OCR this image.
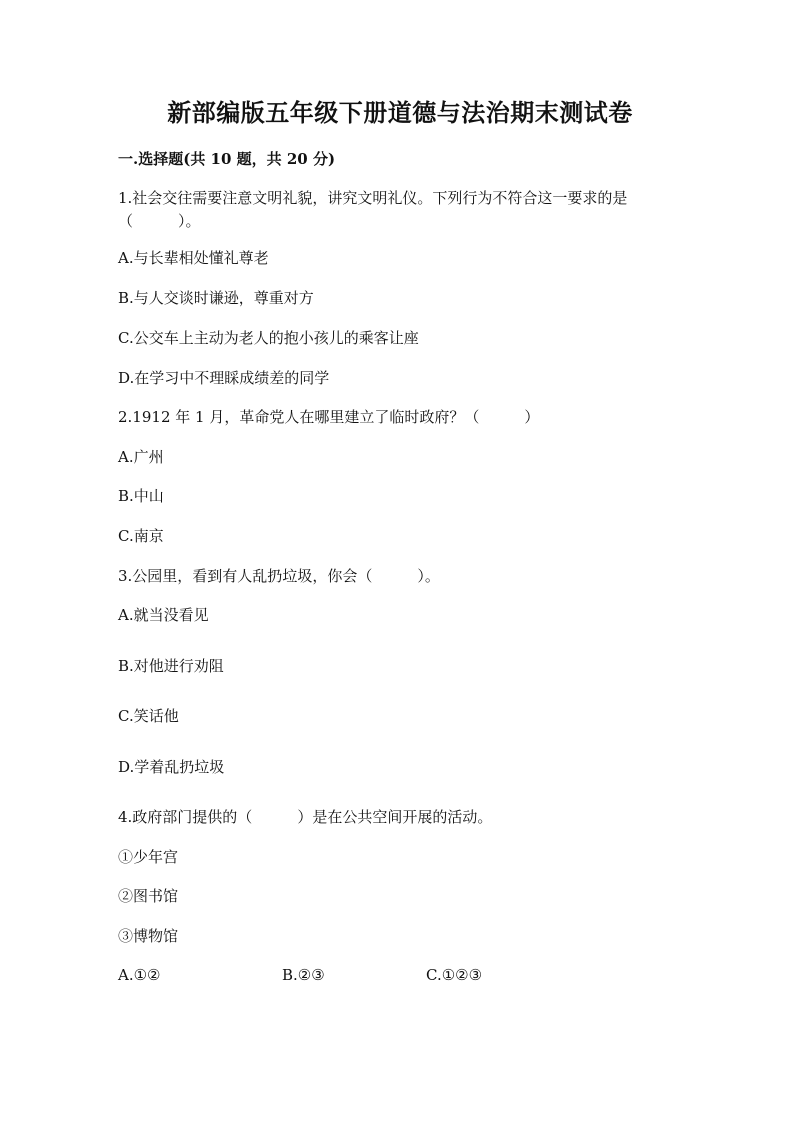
新部编版五年级下册道德与法治期末测试卷
一.选择题(共 10 题，共 20 分)
1.社会交往需要注意文明礼貌，讲究文明礼仪。下列行为不符合这一要求的是
（　　　）。
A.与长辈相处懂礼尊老
B.与人交谈时谦逊，尊重对方
C.公交车上主动为老人的抱小孩儿的乘客让座
D.在学习中不理睬成绩差的同学
2.1912 年 1 月，革命党人在哪里建立了临时政府？（　　　）
A.广州
B.中山
C.南京
3.公园里，看到有人乱扔垃圾，你会（　　　）。
A.就当没看见
B.对他进行劝阻
C.笑话他
D.学着乱扔垃圾
4.政府部门提供的（　　　）是在公共空间开展的活动。
①少年宫
②图书馆
③博物馆
A.①②	B.②③	C.①②③
